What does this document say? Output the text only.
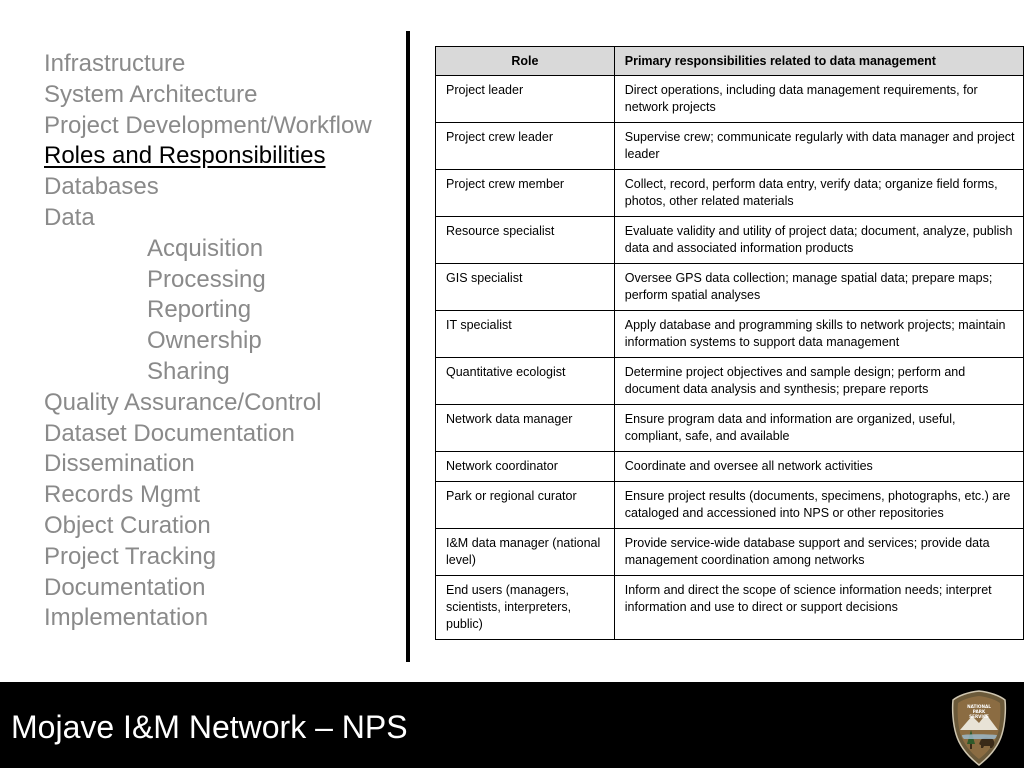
Infrastructure
System Architecture
Project Development/Workflow
Roles and Responsibilities
Databases
Data
Acquisition
Processing
Reporting
Ownership
Sharing
Quality Assurance/Control
Dataset Documentation
Dissemination
Records Mgmt
Object Curation
Project Tracking
Documentation
Implementation
Role	Primary responsibilities related to data management
Project leader	Direct operations, including data management requirements, for network projects
Project crew leader	Supervise crew; communicate regularly with data manager and project leader
Project crew member	Collect, record, perform data entry, verify data; organize field forms, photos, other related materials
Resource specialist	Evaluate validity and utility of project data; document, analyze, publish data and associated information products
GIS specialist	Oversee GPS data collection; manage spatial data; prepare maps; perform spatial analyses
IT specialist	Apply database and programming skills to network projects; maintain information systems to support data management
Quantitative ecologist	Determine project objectives and sample design; perform and document data analysis and synthesis; prepare reports
Network data manager	Ensure program data and information are organized, useful, compliant, safe, and available
Network coordinator	Coordinate and oversee all network activities
Park or regional curator	Ensure project results (documents, specimens, photographs, etc.) are cataloged and accessioned into NPS or other repositories
I&M data manager (national level)	Provide service-wide database support and services; provide data management coordination among networks
End users (managers, scientists, interpreters, public)	Inform and direct the scope of science information needs; interpret information and use to direct or support decisions
Mojave I&M Network – NPS
NATIONAL
PARK
SERVICE
